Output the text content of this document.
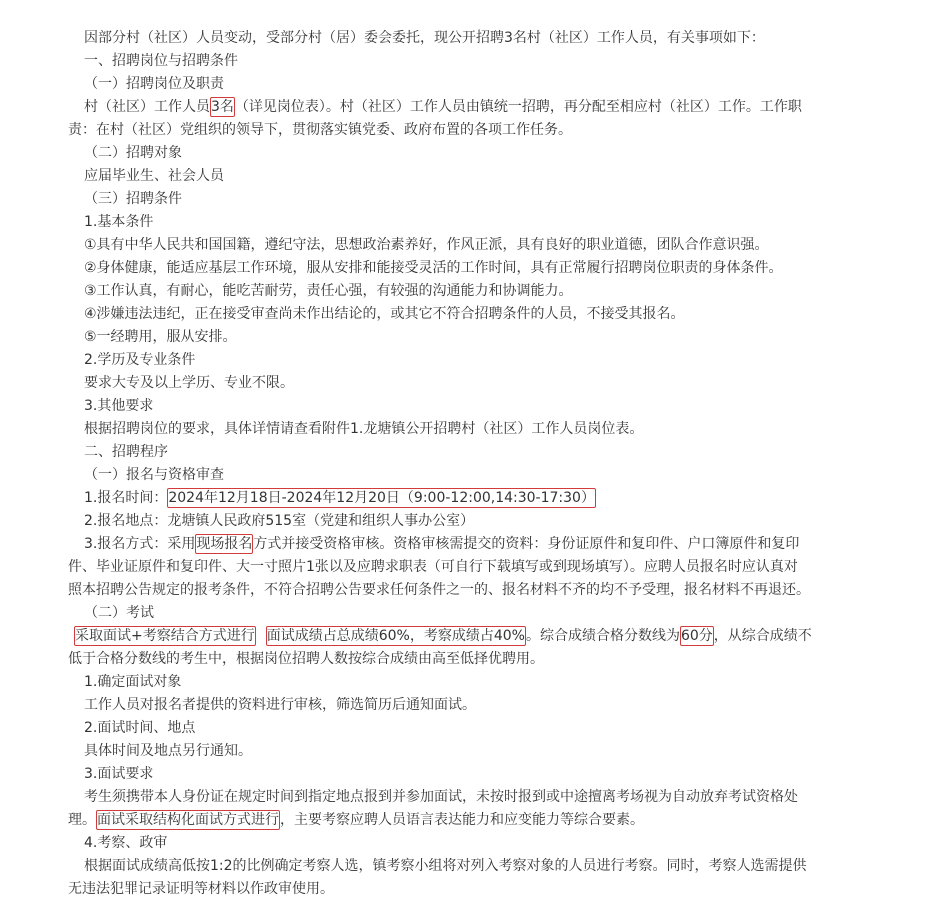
因部分村（社区）人员变动，受部分村（居）委会委托，现公开招聘3名村（社区）工作人员，有关事项如下：
一、招聘岗位与招聘条件
（一）招聘岗位及职责
村（社区）工作人员3名（详见岗位表）。村（社区）工作人员由镇统一招聘，再分配至相应村（社区）工作。工作职
责：在村（社区）党组织的领导下，贯彻落实镇党委、政府布置的各项工作任务。
（二）招聘对象
应届毕业生、社会人员
（三）招聘条件
1.基本条件
①具有中华人民共和国国籍，遵纪守法，思想政治素养好，作风正派，具有良好的职业道德，团队合作意识强。
②身体健康，能适应基层工作环境，服从安排和能接受灵活的工作时间，具有正常履行招聘岗位职责的身体条件。
③工作认真，有耐心，能吃苦耐劳，责任心强，有较强的沟通能力和协调能力。
④涉嫌违法违纪，正在接受审查尚未作出结论的，或其它不符合招聘条件的人员，不接受其报名。
⑤一经聘用，服从安排。
2.学历及专业条件
要求大专及以上学历、专业不限。
3.其他要求
根据招聘岗位的要求，具体详情请查看附件1.龙塘镇公开招聘村（社区）工作人员岗位表。
二、招聘程序
（一）报名与资格审查
1.报名时间：2024年12月18日-2024年12月20日（9:00-12:00,14:30-17:30）
2.报名地点：龙塘镇人民政府515室（党建和组织人事办公室）
3.报名方式：采用现场报名方式并接受资格审核。资格审核需提交的资料：身份证原件和复印件、户口簿原件和复印
件、毕业证原件和复印件、大一寸照片1张以及应聘求职表（可自行下载填写或到现场填写）。应聘人员报名时应认真对
照本招聘公告规定的报考条件，不符合招聘公告要求任何条件之一的、报名材料不齐的均不予受理，报名材料不再退还。
（二）考试
采取面试+考察结合方式进行 面试成绩占总成绩60%，考察成绩占40%。综合成绩合格分数线为60分，从综合成绩不
低于合格分数线的考生中，根据岗位招聘人数按综合成绩由高至低择优聘用。
1.确定面试对象
工作人员对报名者提供的资料进行审核，筛选简历后通知面试。
2.面试时间、地点
具体时间及地点另行通知。
3.面试要求
考生须携带本人身份证在规定时间到指定地点报到并参加面试，未按时报到或中途擅离考场视为自动放弃考试资格处
理。面试采取结构化面试方式进行，主要考察应聘人员语言表达能力和应变能力等综合要素。
4.考察、政审
根据面试成绩高低按1:2的比例确定考察人选，镇考察小组将对列入考察对象的人员进行考察。同时，考察人选需提供
无违法犯罪记录证明等材料以作政审使用。
